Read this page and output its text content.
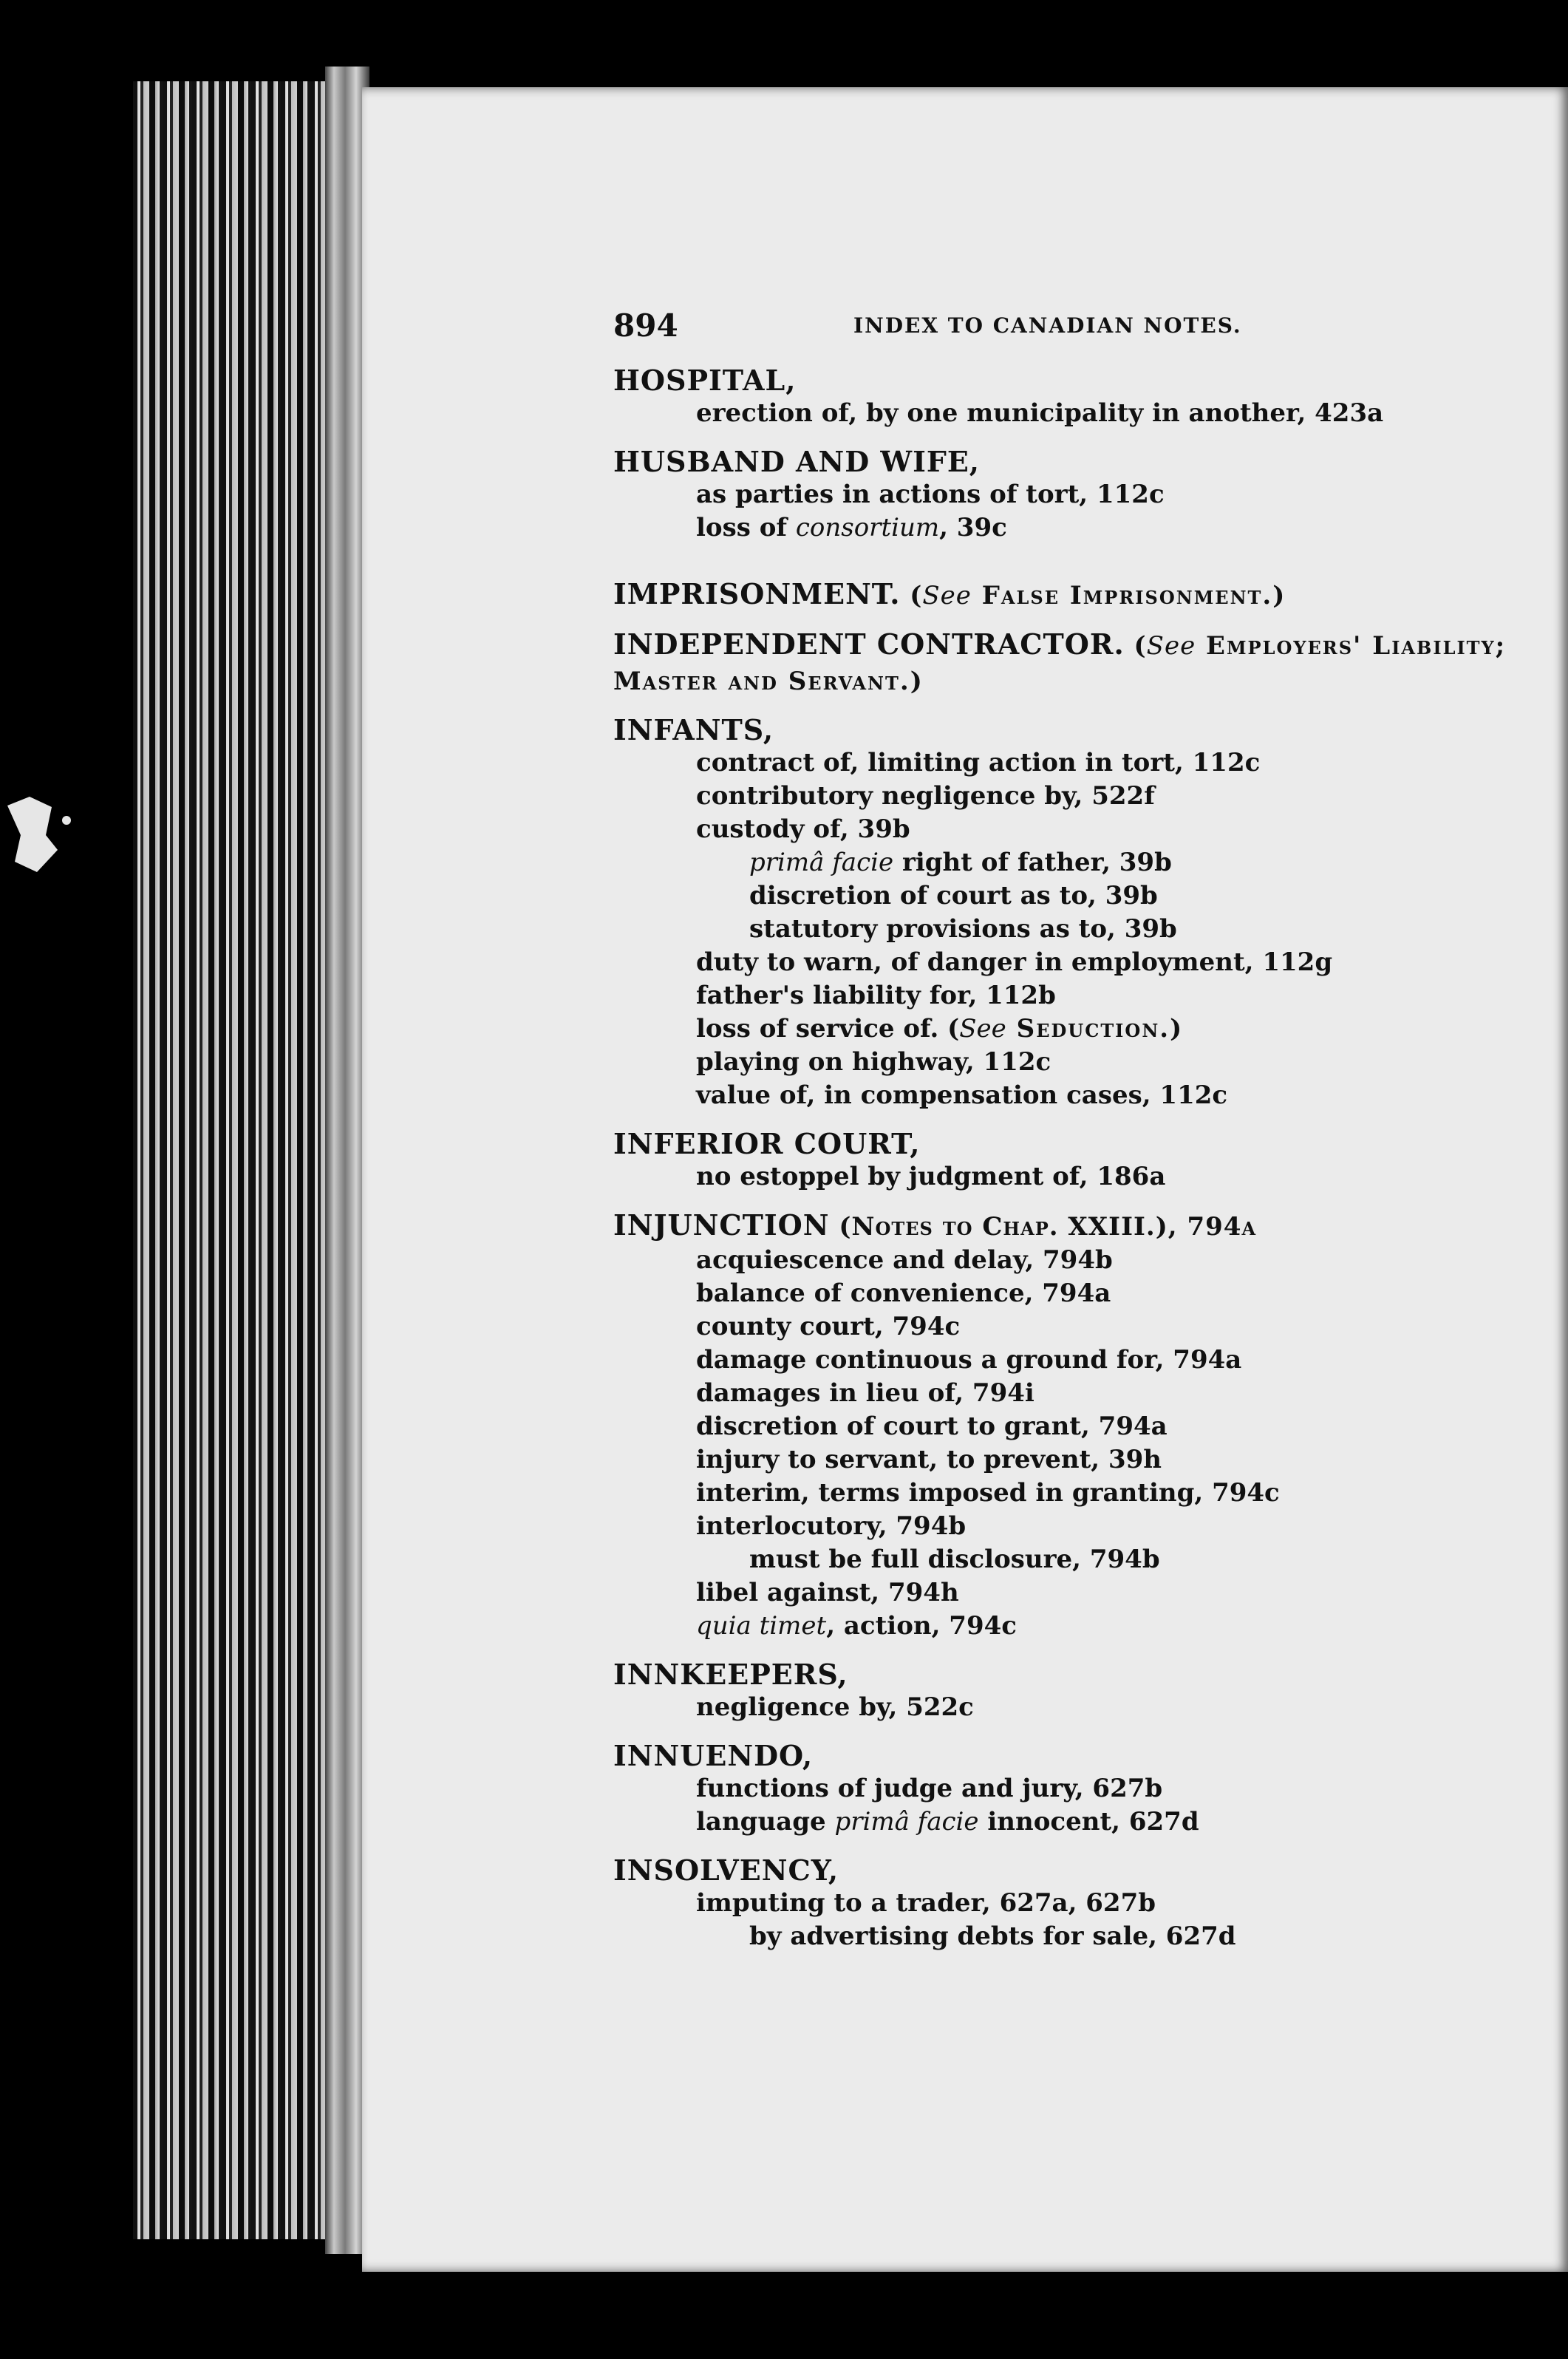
894	INDEX TO CANADIAN NOTES.
HOSPITAL,
erection of, by one municipality in another, 423a
HUSBAND AND WIFE,
as parties in actions of tort, 112c
loss of consortium, 39c
IMPRISONMENT. (See False Imprisonment.)
INDEPENDENT CONTRACTOR. (See Employers' Liability;
Master and Servant.)
INFANTS,
contract of, limiting action in tort, 112c
contributory negligence by, 522f
custody of, 39b
primâ facie right of father, 39b
discretion of court as to, 39b
statutory provisions as to, 39b
duty to warn, of danger in employment, 112g
father's liability for, 112b
loss of service of. (See Seduction.)
playing on highway, 112c
value of, in compensation cases, 112c
INFERIOR COURT,
no estoppel by judgment of, 186a
INJUNCTION (Notes to Chap. XXIII.), 794a
acquiescence and delay, 794b
balance of convenience, 794a
county court, 794c
damage continuous a ground for, 794a
damages in lieu of, 794i
discretion of court to grant, 794a
injury to servant, to prevent, 39h
interim, terms imposed in granting, 794c
interlocutory, 794b
must be full disclosure, 794b
libel against, 794h
quia timet, action, 794c
INNKEEPERS,
negligence by, 522c
INNUENDO,
functions of judge and jury, 627b
language primâ facie innocent, 627d
INSOLVENCY,
imputing to a trader, 627a, 627b
by advertising debts for sale, 627d
